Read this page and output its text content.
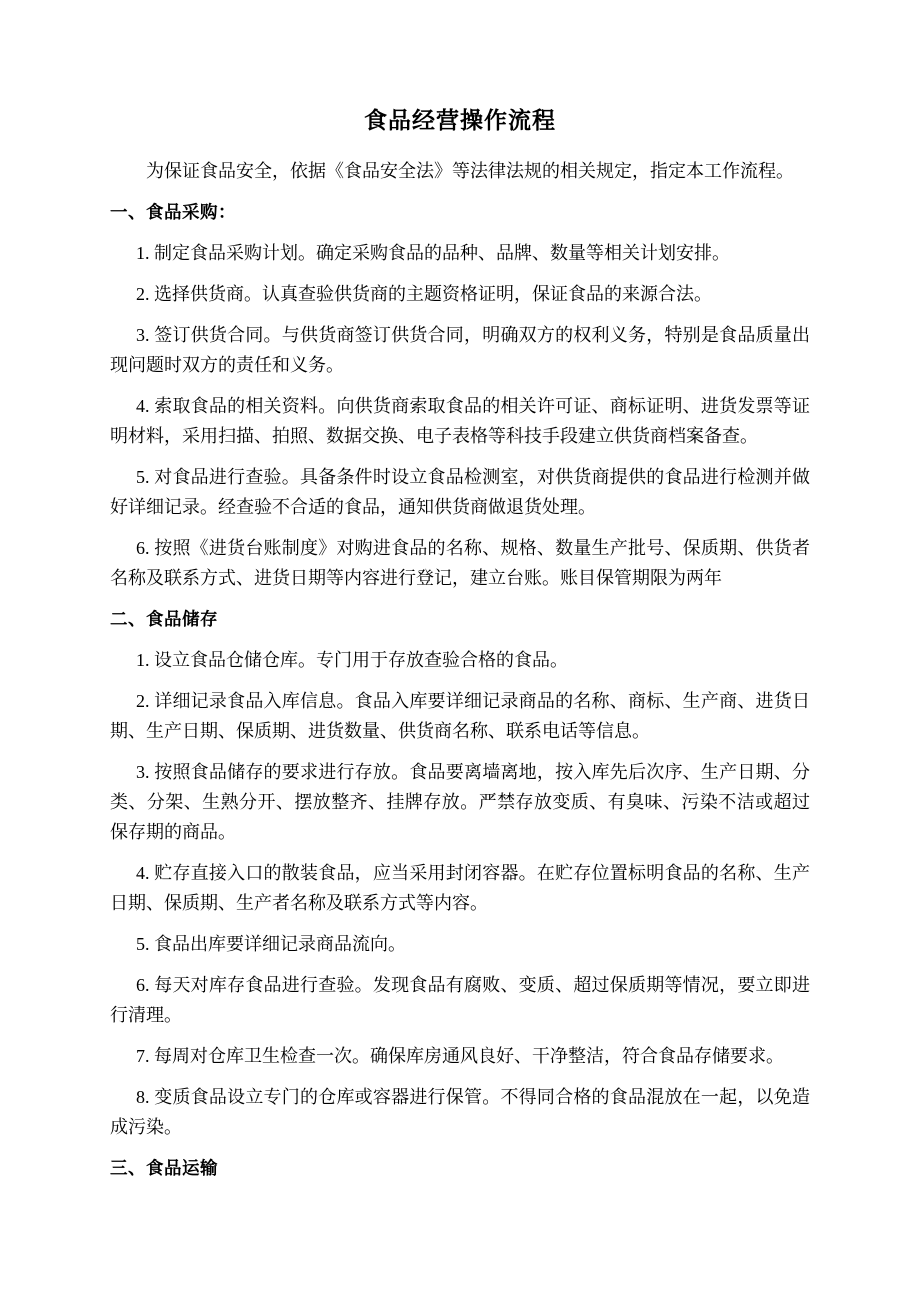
食品经营操作流程

为保证食品安全，依据《食品安全法》等法律法规的相关规定，指定本工作流程。

一、食品采购：

1. 制定食品采购计划。确定采购食品的品种、品牌、数量等相关计划安排。

2. 选择供货商。认真查验供货商的主题资格证明，保证食品的来源合法。

3. 签订供货合同。与供货商签订供货合同，明确双方的权利义务，特别是食品质量出现问题时双方的责任和义务。

4. 索取食品的相关资料。向供货商索取食品的相关许可证、商标证明、进货发票等证明材料，采用扫描、拍照、数据交换、电子表格等科技手段建立供货商档案备查。

5. 对食品进行查验。具备条件时设立食品检测室，对供货商提供的食品进行检测并做好详细记录。经查验不合适的食品，通知供货商做退货处理。

6. 按照《进货台账制度》对购进食品的名称、规格、数量生产批号、保质期、供货者名称及联系方式、进货日期等内容进行登记，建立台账。账目保管期限为两年

二、食品储存

1. 设立食品仓储仓库。专门用于存放查验合格的食品。

2. 详细记录食品入库信息。食品入库要详细记录商品的名称、商标、生产商、进货日期、生产日期、保质期、进货数量、供货商名称、联系电话等信息。

3. 按照食品储存的要求进行存放。食品要离墙离地，按入库先后次序、生产日期、分类、分架、生熟分开、摆放整齐、挂牌存放。严禁存放变质、有臭味、污染不洁或超过保存期的商品。

4. 贮存直接入口的散装食品，应当采用封闭容器。在贮存位置标明食品的名称、生产日期、保质期、生产者名称及联系方式等内容。

5. 食品出库要详细记录商品流向。

6. 每天对库存食品进行查验。发现食品有腐败、变质、超过保质期等情况，要立即进行清理。

7. 每周对仓库卫生检查一次。确保库房通风良好、干净整洁，符合食品存储要求。

8. 变质食品设立专门的仓库或容器进行保管。不得同合格的食品混放在一起，以免造成污染。

三、食品运输
